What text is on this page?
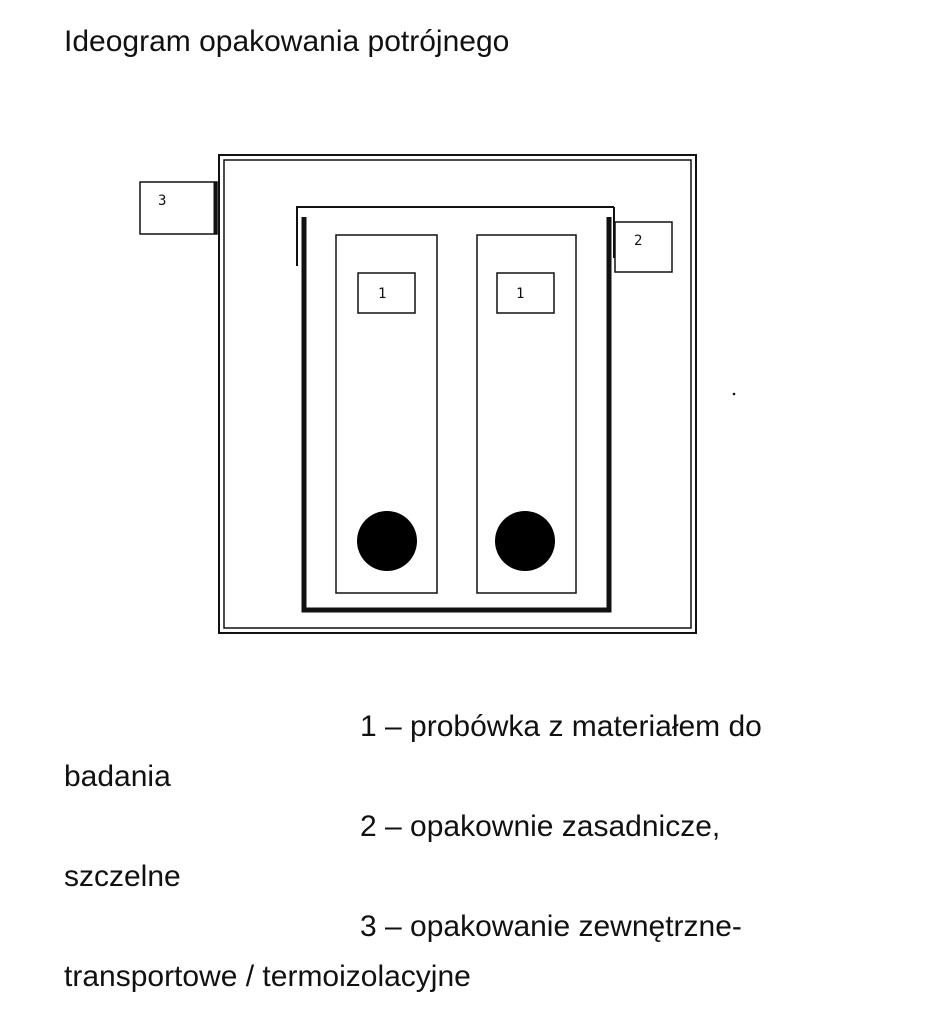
Ideogram opakowania potrójnego
3
2
1	1

1 – probówka z materiałem do

badania

2 – opakownie zasadnicze,

szczelne

3 – opakowanie zewnętrzne-

transportowe / termoizolacyjne
